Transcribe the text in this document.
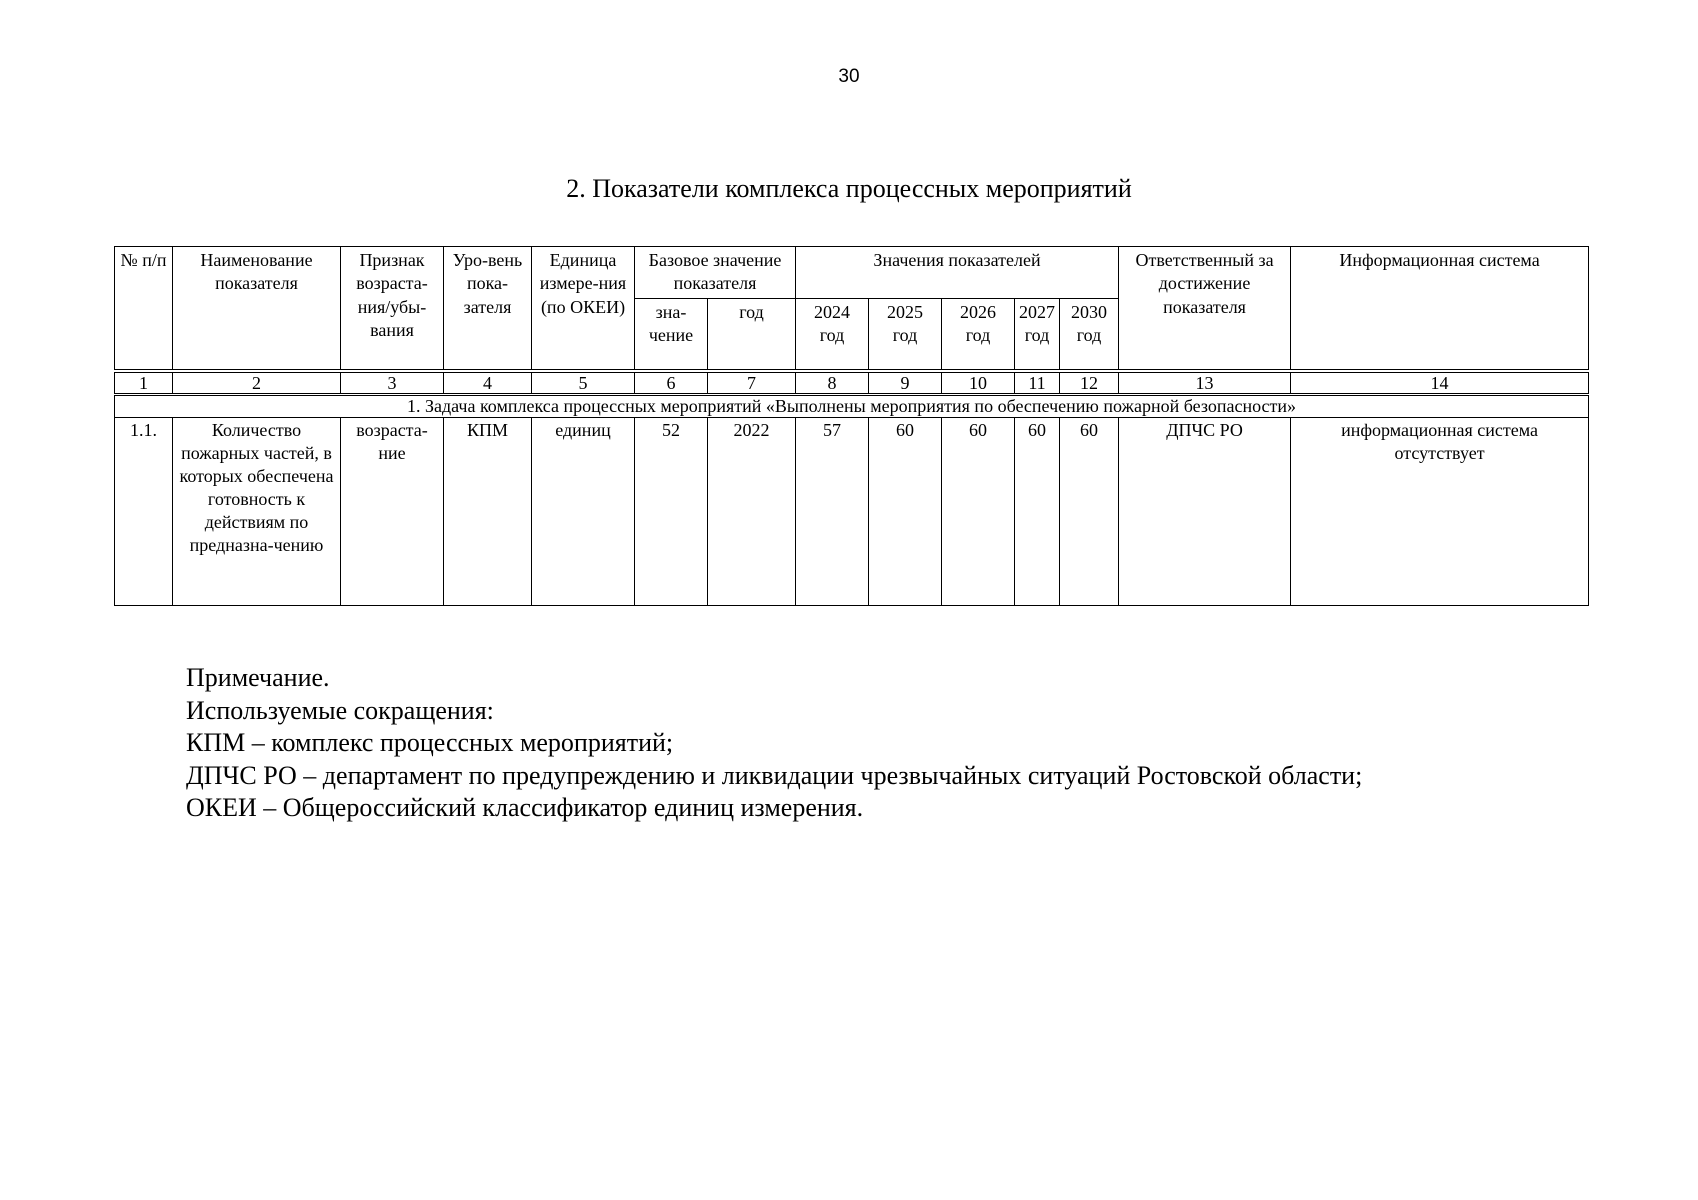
30
2. Показатели комплекса процессных мероприятий
№ п/п	Наименование показателя	Признак возраста-ния/убы-вания	Уро-вень пока-зателя	Единица измере-ния (по ОКЕИ)	Базовое значение показателя		Значения показателей					Ответственный за достижение показателя	Информационная система
					зна-чение	год	2024 год	2025 год	2026 год	2027 год	2030 год		
1	2	3	4	5	6	7	8	9	10	11	12	13	14
1. Задача комплекса процессных мероприятий «Выполнены мероприятия по обеспечению пожарной безопасности»													
1.1.	Количество пожарных частей, в которых обеспечена готовность к действиям по предназна-чению	возраста-ние	КПМ	единиц	52	2022	57	60	60	60	60	ДПЧС РО	информационная система отсутствует
Примечание.
Используемые сокращения:
КПМ – комплекс процессных мероприятий;
ДПЧС РО – департамент по предупреждению и ликвидации чрезвычайных ситуаций Ростовской области;
ОКЕИ – Общероссийский классификатор единиц измерения.
